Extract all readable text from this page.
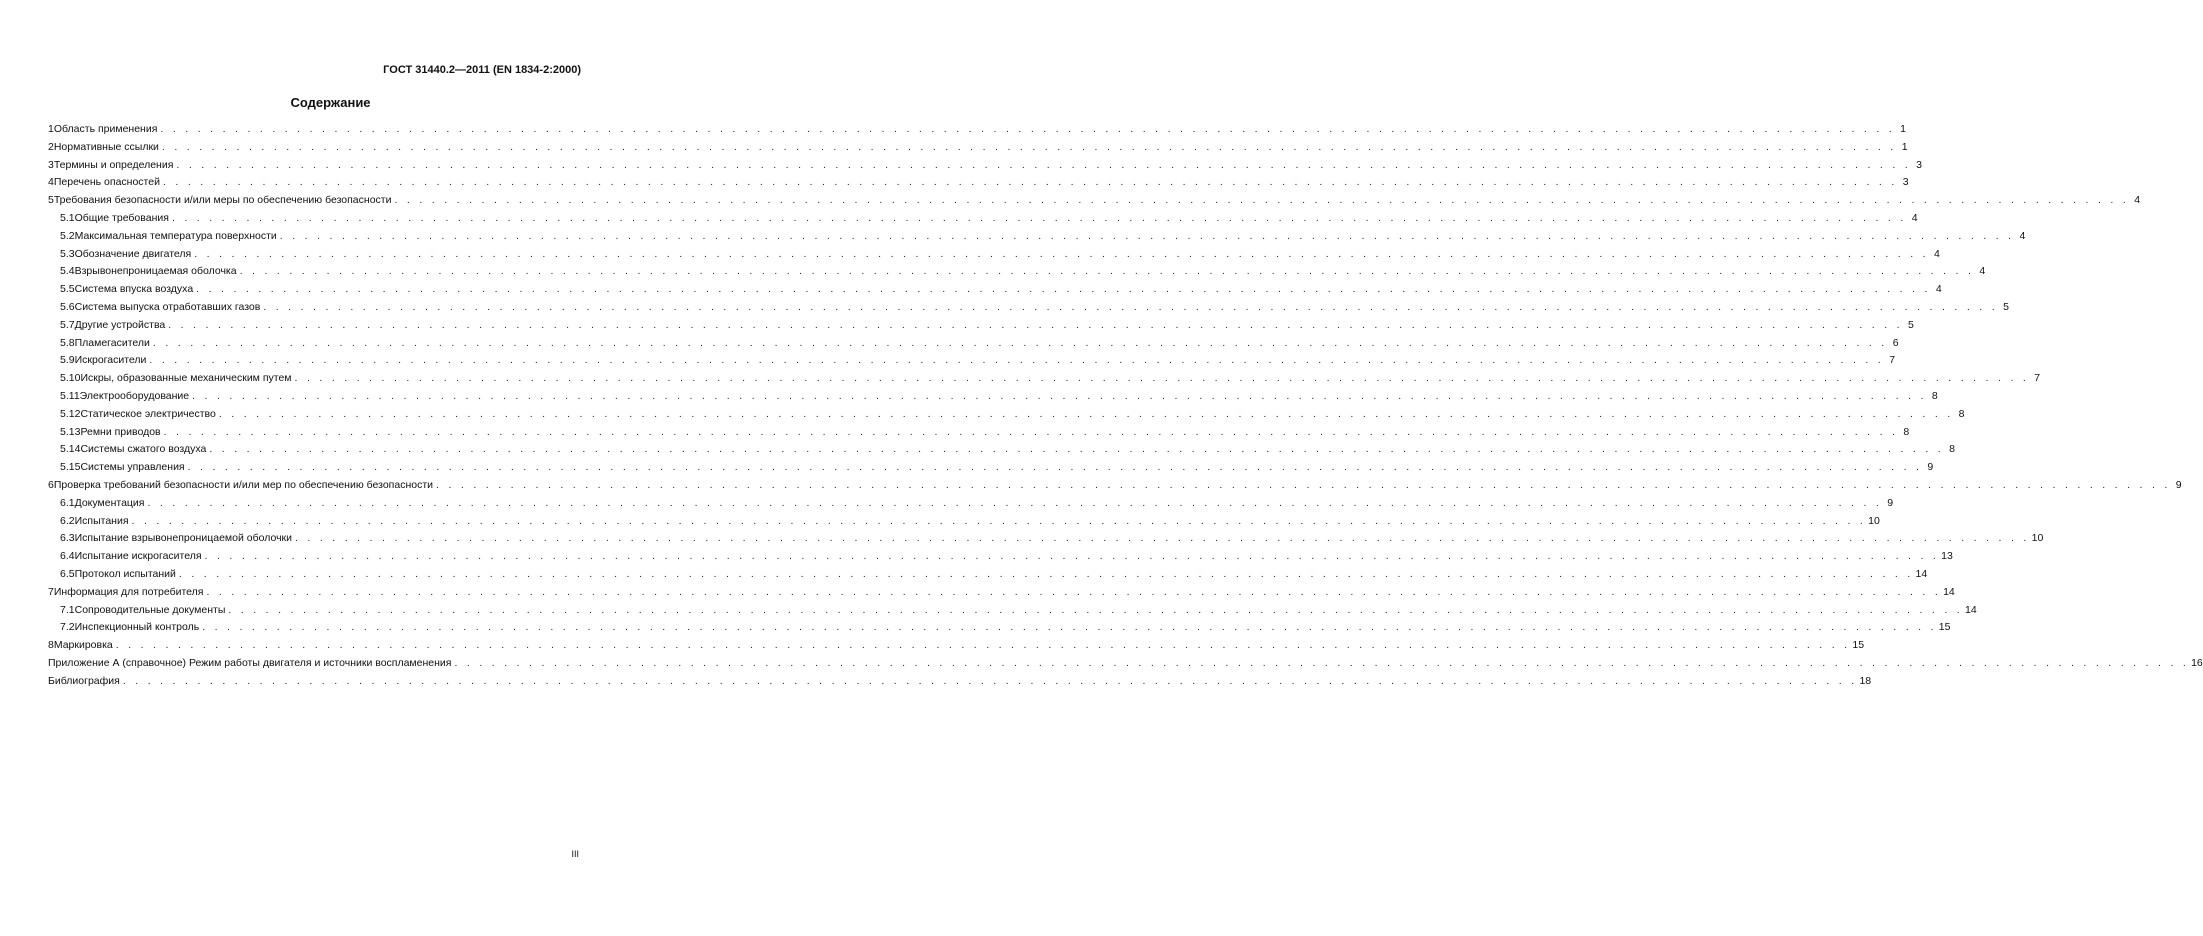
ГОСТ 31440.2—2011 (EN 1834-2:2000)
Содержание
1 Область применения . . . . . . . . . . . . . . . . . . . . . . . . . . . . . . . . . . . . . . . . . . . . . . . . . . . . . . . . . . . . . . . . . . . . . . . . . . . . . . . . . . . . . . . . . . . . . . . . . . . . . . . . . . . . . . . . . . . . . . . . . . . . . . . . . . . . . . . . . . . . 1
2 Нормативные ссылки . . . . . . . . . . . . . . . . . . . . . . . . . . . . . . . . . . . . . . . . . . . . . . . . . . . . . . . . . . . . . . . . . . . . . . . . . . . . . . . . . . . . . . . . . . . . . . . . . . . . . . . . . . . . . . . . . . . . . . . . . . . . . . . . . . . . . . . . . . . . 1
3 Термины и определения . . . . . . . . . . . . . . . . . . . . . . . . . . . . . . . . . . . . . . . . . . . . . . . . . . . . . . . . . . . . . . . . . . . . . . . . . . . . . . . . . . . . . . . . . . . . . . . . . . . . . . . . . . . . . . . . . . . . . . . . . . . . . . . . . . . . . . . . . . . . 3
4 Перечень опасностей . . . . . . . . . . . . . . . . . . . . . . . . . . . . . . . . . . . . . . . . . . . . . . . . . . . . . . . . . . . . . . . . . . . . . . . . . . . . . . . . . . . . . . . . . . . . . . . . . . . . . . . . . . . . . . . . . . . . . . . . . . . . . . . . . . . . . . . . . . . . 3
5 Требования безопасности и/или меры по обеспечению безопасности . . . . . . . . . . . . . . . . . . . . . . . . . . . . . . . . . . . . . . . . . . . . . . . . . . . . . . . . . . . . . . . . . . . . . . . . . . . . . . . . . . . . . . . . . . . . . . . . . . . . . . . . . . . . . . . . . . . . . . . . . . . . . . . . . . . . . . . . . . . . 4
5.1 Общие требования . . . . . . . . . . . . . . . . . . . . . . . . . . . . . . . . . . . . . . . . . . . . . . . . . . . . . . . . . . . . . . . . . . . . . . . . . . . . . . . . . . . . . . . . . . . . . . . . . . . . . . . . . . . . . . . . . . . . . . . . . . . . . . . . . . . . . . . . . . . . 4
5.2 Максимальная температура поверхности . . . . . . . . . . . . . . . . . . . . . . . . . . . . . . . . . . . . . . . . . . . . . . . . . . . . . . . . . . . . . . . . . . . . . . . . . . . . . . . . . . . . . . . . . . . . . . . . . . . . . . . . . . . . . . . . . . . . . . . . . . . . . . . . . . . . . . . . . . . . 4
5.3 Обозначение двигателя . . . . . . . . . . . . . . . . . . . . . . . . . . . . . . . . . . . . . . . . . . . . . . . . . . . . . . . . . . . . . . . . . . . . . . . . . . . . . . . . . . . . . . . . . . . . . . . . . . . . . . . . . . . . . . . . . . . . . . . . . . . . . . . . . . . . . . . . . . . . 4
5.4 Взрывонепроницаемая оболочка . . . . . . . . . . . . . . . . . . . . . . . . . . . . . . . . . . . . . . . . . . . . . . . . . . . . . . . . . . . . . . . . . . . . . . . . . . . . . . . . . . . . . . . . . . . . . . . . . . . . . . . . . . . . . . . . . . . . . . . . . . . . . . . . . . . . . . . . . . . . 4
5.5 Система впуска воздуха . . . . . . . . . . . . . . . . . . . . . . . . . . . . . . . . . . . . . . . . . . . . . . . . . . . . . . . . . . . . . . . . . . . . . . . . . . . . . . . . . . . . . . . . . . . . . . . . . . . . . . . . . . . . . . . . . . . . . . . . . . . . . . . . . . . . . . . . . . . . 4
5.6 Система выпуска отработавших газов . . . . . . . . . . . . . . . . . . . . . . . . . . . . . . . . . . . . . . . . . . . . . . . . . . . . . . . . . . . . . . . . . . . . . . . . . . . . . . . . . . . . . . . . . . . . . . . . . . . . . . . . . . . . . . . . . . . . . . . . . . . . . . . . . . . . . . . . . . . . 5
5.7 Другие устройства . . . . . . . . . . . . . . . . . . . . . . . . . . . . . . . . . . . . . . . . . . . . . . . . . . . . . . . . . . . . . . . . . . . . . . . . . . . . . . . . . . . . . . . . . . . . . . . . . . . . . . . . . . . . . . . . . . . . . . . . . . . . . . . . . . . . . . . . . . . . 5
5.8 Пламегасители . . . . . . . . . . . . . . . . . . . . . . . . . . . . . . . . . . . . . . . . . . . . . . . . . . . . . . . . . . . . . . . . . . . . . . . . . . . . . . . . . . . . . . . . . . . . . . . . . . . . . . . . . . . . . . . . . . . . . . . . . . . . . . . . . . . . . . . . . . . . 6
5.9 Искрогасители . . . . . . . . . . . . . . . . . . . . . . . . . . . . . . . . . . . . . . . . . . . . . . . . . . . . . . . . . . . . . . . . . . . . . . . . . . . . . . . . . . . . . . . . . . . . . . . . . . . . . . . . . . . . . . . . . . . . . . . . . . . . . . . . . . . . . . . . . . . . 7
5.10 Искры, образованные механическим путем . . . . . . . . . . . . . . . . . . . . . . . . . . . . . . . . . . . . . . . . . . . . . . . . . . . . . . . . . . . . . . . . . . . . . . . . . . . . . . . . . . . . . . . . . . . . . . . . . . . . . . . . . . . . . . . . . . . . . . . . . . . . . . . . . . . . . . . . . . . . 7
5.11 Электрооборудование . . . . . . . . . . . . . . . . . . . . . . . . . . . . . . . . . . . . . . . . . . . . . . . . . . . . . . . . . . . . . . . . . . . . . . . . . . . . . . . . . . . . . . . . . . . . . . . . . . . . . . . . . . . . . . . . . . . . . . . . . . . . . . . . . . . . . . . . . . . . 8
5.12 Статическое электричество . . . . . . . . . . . . . . . . . . . . . . . . . . . . . . . . . . . . . . . . . . . . . . . . . . . . . . . . . . . . . . . . . . . . . . . . . . . . . . . . . . . . . . . . . . . . . . . . . . . . . . . . . . . . . . . . . . . . . . . . . . . . . . . . . . . . . . . . . . . . 8
5.13 Ремни приводов . . . . . . . . . . . . . . . . . . . . . . . . . . . . . . . . . . . . . . . . . . . . . . . . . . . . . . . . . . . . . . . . . . . . . . . . . . . . . . . . . . . . . . . . . . . . . . . . . . . . . . . . . . . . . . . . . . . . . . . . . . . . . . . . . . . . . . . . . . . . 8
5.14 Системы сжатого воздуха . . . . . . . . . . . . . . . . . . . . . . . . . . . . . . . . . . . . . . . . . . . . . . . . . . . . . . . . . . . . . . . . . . . . . . . . . . . . . . . . . . . . . . . . . . . . . . . . . . . . . . . . . . . . . . . . . . . . . . . . . . . . . . . . . . . . . . . . . . . . 8
5.15 Системы управления . . . . . . . . . . . . . . . . . . . . . . . . . . . . . . . . . . . . . . . . . . . . . . . . . . . . . . . . . . . . . . . . . . . . . . . . . . . . . . . . . . . . . . . . . . . . . . . . . . . . . . . . . . . . . . . . . . . . . . . . . . . . . . . . . . . . . . . . . . . . 9
6 Проверка требований безопасности и/или мер по обеспечению безопасности . . . . . . . . . . . . . . . . . . . . . . . . . . . . . . . . . . . . . . . . . . . . . . . . . . . . . . . . . . . . . . . . . . . . . . . . . . . . . . . . . . . . . . . . . . . . . . . . . . . . . . . . . . . . . . . . . . . . . . . . . . . . . . . . . . . . . . . . . . . . 9
6.1 Документация . . . . . . . . . . . . . . . . . . . . . . . . . . . . . . . . . . . . . . . . . . . . . . . . . . . . . . . . . . . . . . . . . . . . . . . . . . . . . . . . . . . . . . . . . . . . . . . . . . . . . . . . . . . . . . . . . . . . . . . . . . . . . . . . . . . . . . . . . . . . 9
6.2 Испытания . . . . . . . . . . . . . . . . . . . . . . . . . . . . . . . . . . . . . . . . . . . . . . . . . . . . . . . . . . . . . . . . . . . . . . . . . . . . . . . . . . . . . . . . . . . . . . . . . . . . . . . . . . . . . . . . . . . . . . . . . . . . . . . . . . . . . . . . . . . . 10
6.3 Испытание взрывонепроницаемой оболочки . . . . . . . . . . . . . . . . . . . . . . . . . . . . . . . . . . . . . . . . . . . . . . . . . . . . . . . . . . . . . . . . . . . . . . . . . . . . . . . . . . . . . . . . . . . . . . . . . . . . . . . . . . . . . . . . . . . . . . . . . . . . . . . . . . . . . . . . . . . . 10
6.4 Испытание искрогасителя . . . . . . . . . . . . . . . . . . . . . . . . . . . . . . . . . . . . . . . . . . . . . . . . . . . . . . . . . . . . . . . . . . . . . . . . . . . . . . . . . . . . . . . . . . . . . . . . . . . . . . . . . . . . . . . . . . . . . . . . . . . . . . . . . . . . . . . . . . . . 13
6.5 Протокол испытаний . . . . . . . . . . . . . . . . . . . . . . . . . . . . . . . . . . . . . . . . . . . . . . . . . . . . . . . . . . . . . . . . . . . . . . . . . . . . . . . . . . . . . . . . . . . . . . . . . . . . . . . . . . . . . . . . . . . . . . . . . . . . . . . . . . . . . . . . . . . . 14
7 Информация для потребителя . . . . . . . . . . . . . . . . . . . . . . . . . . . . . . . . . . . . . . . . . . . . . . . . . . . . . . . . . . . . . . . . . . . . . . . . . . . . . . . . . . . . . . . . . . . . . . . . . . . . . . . . . . . . . . . . . . . . . . . . . . . . . . . . . . . . . . . . . . . . 14
7.1 Сопроводительные документы . . . . . . . . . . . . . . . . . . . . . . . . . . . . . . . . . . . . . . . . . . . . . . . . . . . . . . . . . . . . . . . . . . . . . . . . . . . . . . . . . . . . . . . . . . . . . . . . . . . . . . . . . . . . . . . . . . . . . . . . . . . . . . . . . . . . . . . . . . . . 14
7.2 Инспекционный контроль . . . . . . . . . . . . . . . . . . . . . . . . . . . . . . . . . . . . . . . . . . . . . . . . . . . . . . . . . . . . . . . . . . . . . . . . . . . . . . . . . . . . . . . . . . . . . . . . . . . . . . . . . . . . . . . . . . . . . . . . . . . . . . . . . . . . . . . . . . . . 15
8 Маркировка . . . . . . . . . . . . . . . . . . . . . . . . . . . . . . . . . . . . . . . . . . . . . . . . . . . . . . . . . . . . . . . . . . . . . . . . . . . . . . . . . . . . . . . . . . . . . . . . . . . . . . . . . . . . . . . . . . . . . . . . . . . . . . . . . . . . . . . . . . . . 15
Приложение А (справочное) Режим работы двигателя и источники воспламенения . . . . . . . . . . . . . . . . . . . . . . . . . . . . . . . . . . . . . . . . . . . . . . . . . . . . . . . . . . . . . . . . . . . . . . . . . . . . . . . . . . . . . . . . . . . . . . . . . . . . . . . . . . . . . . . . . . . . . . . . . . . . . . . . . . . . . . . . . . . . 16
Библиография . . . . . . . . . . . . . . . . . . . . . . . . . . . . . . . . . . . . . . . . . . . . . . . . . . . . . . . . . . . . . . . . . . . . . . . . . . . . . . . . . . . . . . . . . . . . . . . . . . . . . . . . . . . . . . . . . . . . . . . . . . . . . . . . . . . . . . . . . . . . 18
III
